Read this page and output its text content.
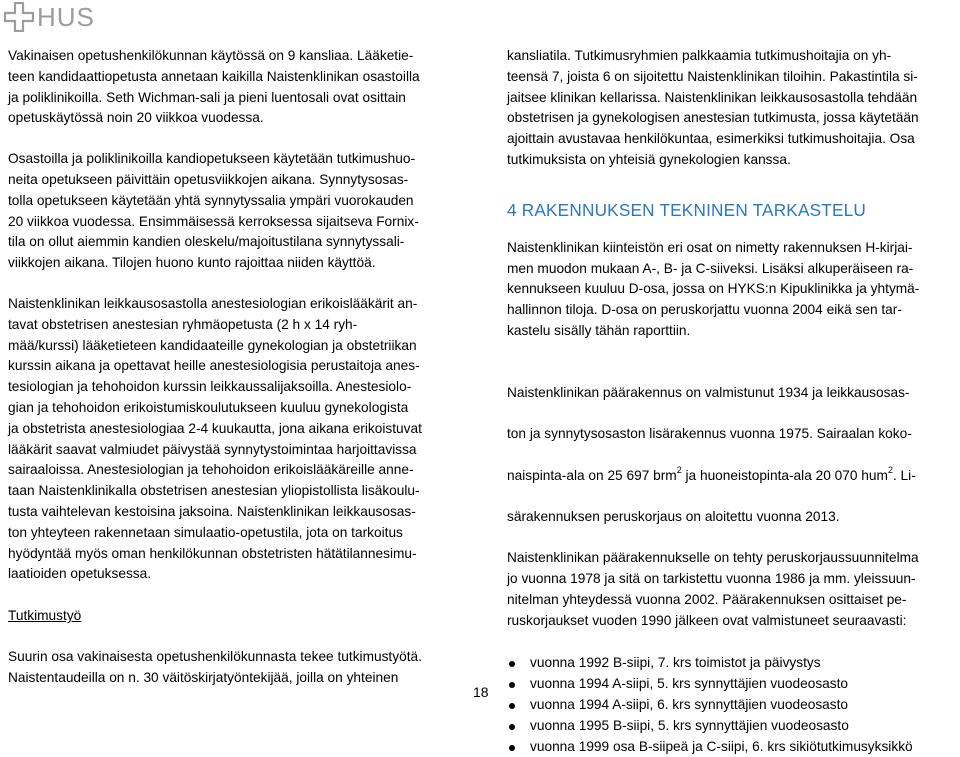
HUS

Vakinaisen opetushenkilökunnan käytössä on 9 kansliaa. Lääketie-
teen kandidaattiopetusta annetaan kaikilla Naistenklinikan osastoilla
ja poliklinikoilla. Seth Wichman-sali ja pieni luentosali ovat osittain
opetuskäytössä noin 20 viikkoa vuodessa.

Osastoilla ja poliklinikoilla kandiopetukseen käytetään tutkimushuo-
neita opetukseen päivittäin opetusviikkojen aikana. Synnytysosas-
tolla opetukseen käytetään yhtä synnytyssalia ympäri vuorokauden
20 viikkoa vuodessa. Ensimmäisessä kerroksessa sijaitseva Fornix-
tila on ollut aiemmin kandien oleskelu/majoitustilana synnytyssali-
viikkojen aikana. Tilojen huono kunto rajoittaa niiden käyttöä.

Naistenklinikan leikkausosastolla anestesiologian erikoislääkärit an-
tavat obstetrisen anestesian ryhmäopetusta (2 h x 14 ryh-
mää/kurssi) lääketieteen kandidaateille gynekologian ja obstetriikan
kurssin aikana ja opettavat heille anestesiologisia perustaitoja anes-
tesiologian ja tehohoidon kurssin leikkaussalijaksoilla. Anestesiolo-
gian ja tehohoidon erikoistumiskoulutukseen kuuluu gynekologista
ja obstetrista anestesiologiaa 2-4 kuukautta, jona aikana erikoistuvat
lääkärit saavat valmiudet päivystää synnytystoimintaa harjoittavissa
sairaaloissa. Anestesiologian ja tehohoidon erikoislääkäreille anne-
taan Naistenklinikalla obstetrisen anestesian yliopistollista lisäkoulu-
tusta vaihtelevan kestoisina jaksoina. Naistenklinikan leikkausosas-
ton yhteyteen rakennetaan simulaatio-opetustila, jota on tarkoitus
hyödyntää myös oman henkilökunnan obstetristen hätätilannesimu-
laatioiden opetuksessa.

Tutkimustyö

Suurin osa vakinaisesta opetushenkilökunnasta tekee tutkimustyötä.
Naistentaudeilla on n. 30 väitöskirjatyöntekijää, joilla on yhteinen

kansliatila. Tutkimusryhmien palkkaamia tutkimushoitajia on yh-
teensä 7, joista 6 on sijoitettu Naistenklinikan tiloihin. Pakastintila si-
jaitsee klinikan kellarissa. Naistenklinikan leikkausosastolla tehdään
obstetrisen ja gynekologisen anestesian tutkimusta, jossa käytetään
ajoittain avustavaa henkilökuntaa, esimerkiksi tutkimushoitajia. Osa
tutkimuksista on yhteisiä gynekologien kanssa.

4 RAKENNUKSEN TEKNINEN TARKASTELU

Naistenklinikan kiinteistön eri osat on nimetty rakennuksen H-kirjai-
men muodon mukaan A-, B- ja C-siiveksi. Lisäksi alkuperäiseen ra-
kennukseen kuuluu D-osa, jossa on HYKS:n Kipuklinikka ja yhtymä-
hallinnon tiloja. D-osa on peruskorjattu vuonna 2004 eikä sen tar-
kastelu sisälly tähän raporttiin.

Naistenklinikan päärakennus on valmistunut 1934 ja leikkausosas-

ton ja synnytysosaston lisärakennus vuonna 1975. Sairaalan koko-

naispinta-ala on 25 697 brm$^2$ ja huoneistopinta-ala 20 070 hum$^2$. Li-

särakennuksen peruskorjaus on aloitettu vuonna 2013.

Naistenklinikan päärakennukselle on tehty peruskorjaussuunnitelma
jo vuonna 1978 ja sitä on tarkistettu vuonna 1986 ja mm. yleissuun-
nitelman yhteydessä vuonna 2002. Päärakennuksen osittaiset pe-
ruskorjaukset vuoden 1990 jälkeen ovat valmistuneet seuraavasti:

vuonna 1992 B-siipi, 7. krs toimistot ja päivystys
vuonna 1994 A-siipi, 5. krs synnyttäjien vuodeosasto
vuonna 1994 A-siipi, 6. krs synnyttäjien vuodeosasto
vuonna 1995 B-siipi, 5. krs synnyttäjien vuodeosasto
vuonna 1999 osa B-siipeä ja C-siipi, 6. krs sikiötutkimusyksikkö
18
